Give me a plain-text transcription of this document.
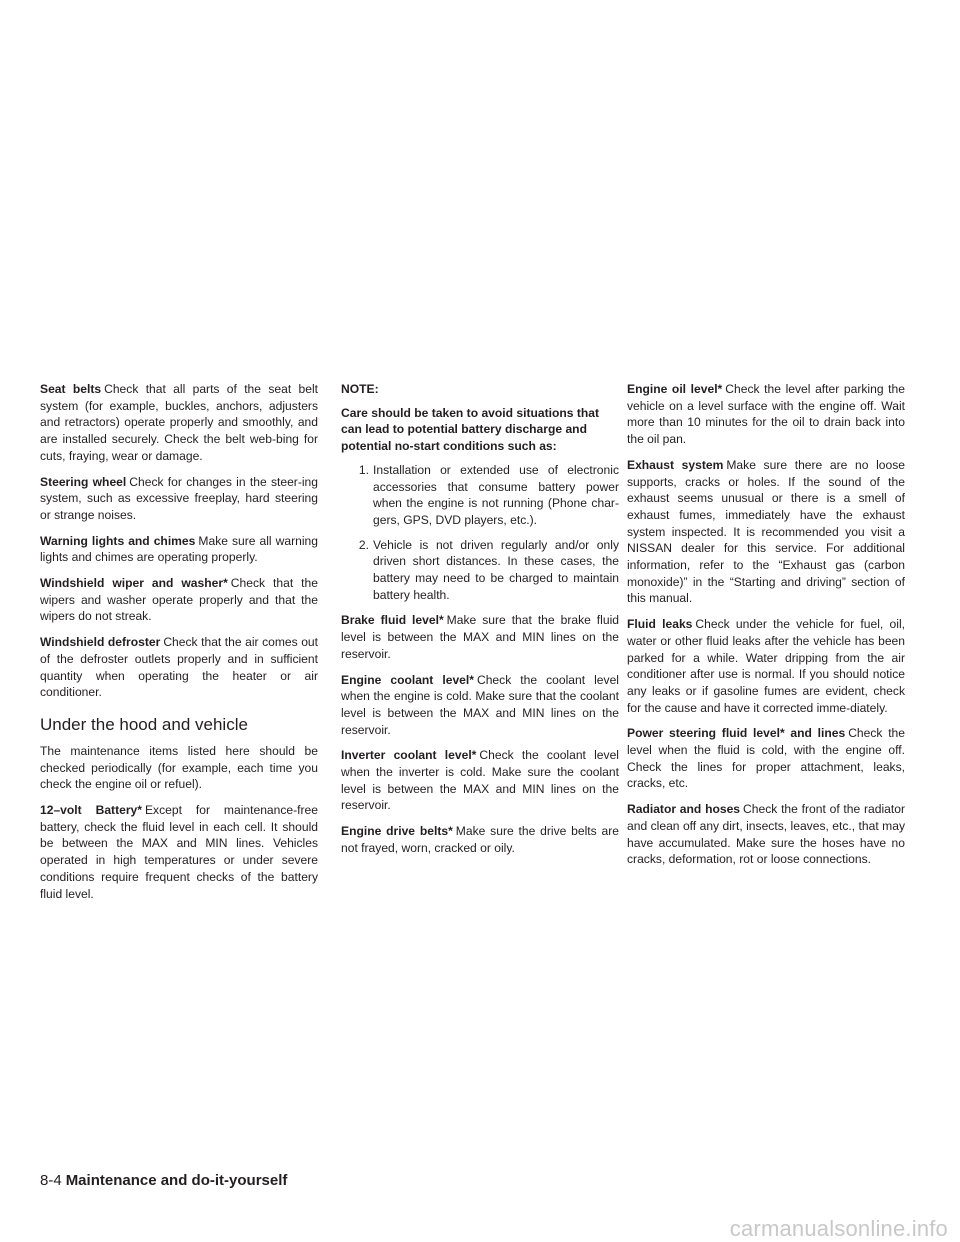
Seat belts Check that all parts of the seat belt system (for example, buckles, anchors, adjusters and retractors) operate properly and smoothly, and are installed securely. Check the belt web-bing for cuts, fraying, wear or damage.

Steering wheel Check for changes in the steer-ing system, such as excessive freeplay, hard steering or strange noises.

Warning lights and chimes Make sure all warning lights and chimes are operating properly.

Windshield wiper and washer* Check that the wipers and washer operate properly and that the wipers do not streak.

Windshield defroster Check that the air comes out of the defroster outlets properly and in sufficient quantity when operating the heater or air conditioner.

Under the hood and vehicle

The maintenance items listed here should be checked periodically (for example, each time you check the engine oil or refuel).

12–volt Battery* Except for maintenance-free battery, check the fluid level in each cell. It should be between the MAX and MIN lines. Vehicles operated in high temperatures or under severe conditions require frequent checks of the battery fluid level.

NOTE:

Care should be taken to avoid situations that can lead to potential battery discharge and potential no-start conditions such as:

1. Installation or extended use of electronic accessories that consume battery power when the engine is not running (Phone char-gers, GPS, DVD players, etc.).
2. Vehicle is not driven regularly and/or only driven short distances. In these cases, the battery may need to be charged to maintain battery health.

Brake fluid level* Make sure that the brake fluid level is between the MAX and MIN lines on the reservoir.

Engine coolant level* Check the coolant level when the engine is cold. Make sure that the coolant level is between the MAX and MIN lines on the reservoir.

Inverter coolant level* Check the coolant level when the inverter is cold. Make sure the coolant level is between the MAX and MIN lines on the reservoir.

Engine drive belts* Make sure the drive belts are not frayed, worn, cracked or oily.

Engine oil level* Check the level after parking the vehicle on a level surface with the engine off. Wait more than 10 minutes for the oil to drain back into the oil pan.

Exhaust system Make sure there are no loose supports, cracks or holes. If the sound of the exhaust seems unusual or there is a smell of exhaust fumes, immediately have the exhaust system inspected. It is recommended you visit a NISSAN dealer for this service. For additional information, refer to the “Exhaust gas (carbon monoxide)” in the “Starting and driving” section of this manual.

Fluid leaks Check under the vehicle for fuel, oil, water or other fluid leaks after the vehicle has been parked for a while. Water dripping from the air conditioner after use is normal. If you should notice any leaks or if gasoline fumes are evident, check for the cause and have it corrected imme-diately.

Power steering fluid level* and lines Check the level when the fluid is cold, with the engine off. Check the lines for proper attachment, leaks, cracks, etc.

Radiator and hoses Check the front of the radiator and clean off any dirt, insects, leaves, etc., that may have accumulated. Make sure the hoses have no cracks, deformation, rot or loose connections.

8-4 Maintenance and do-it-yourself
carmanualsonline.info
